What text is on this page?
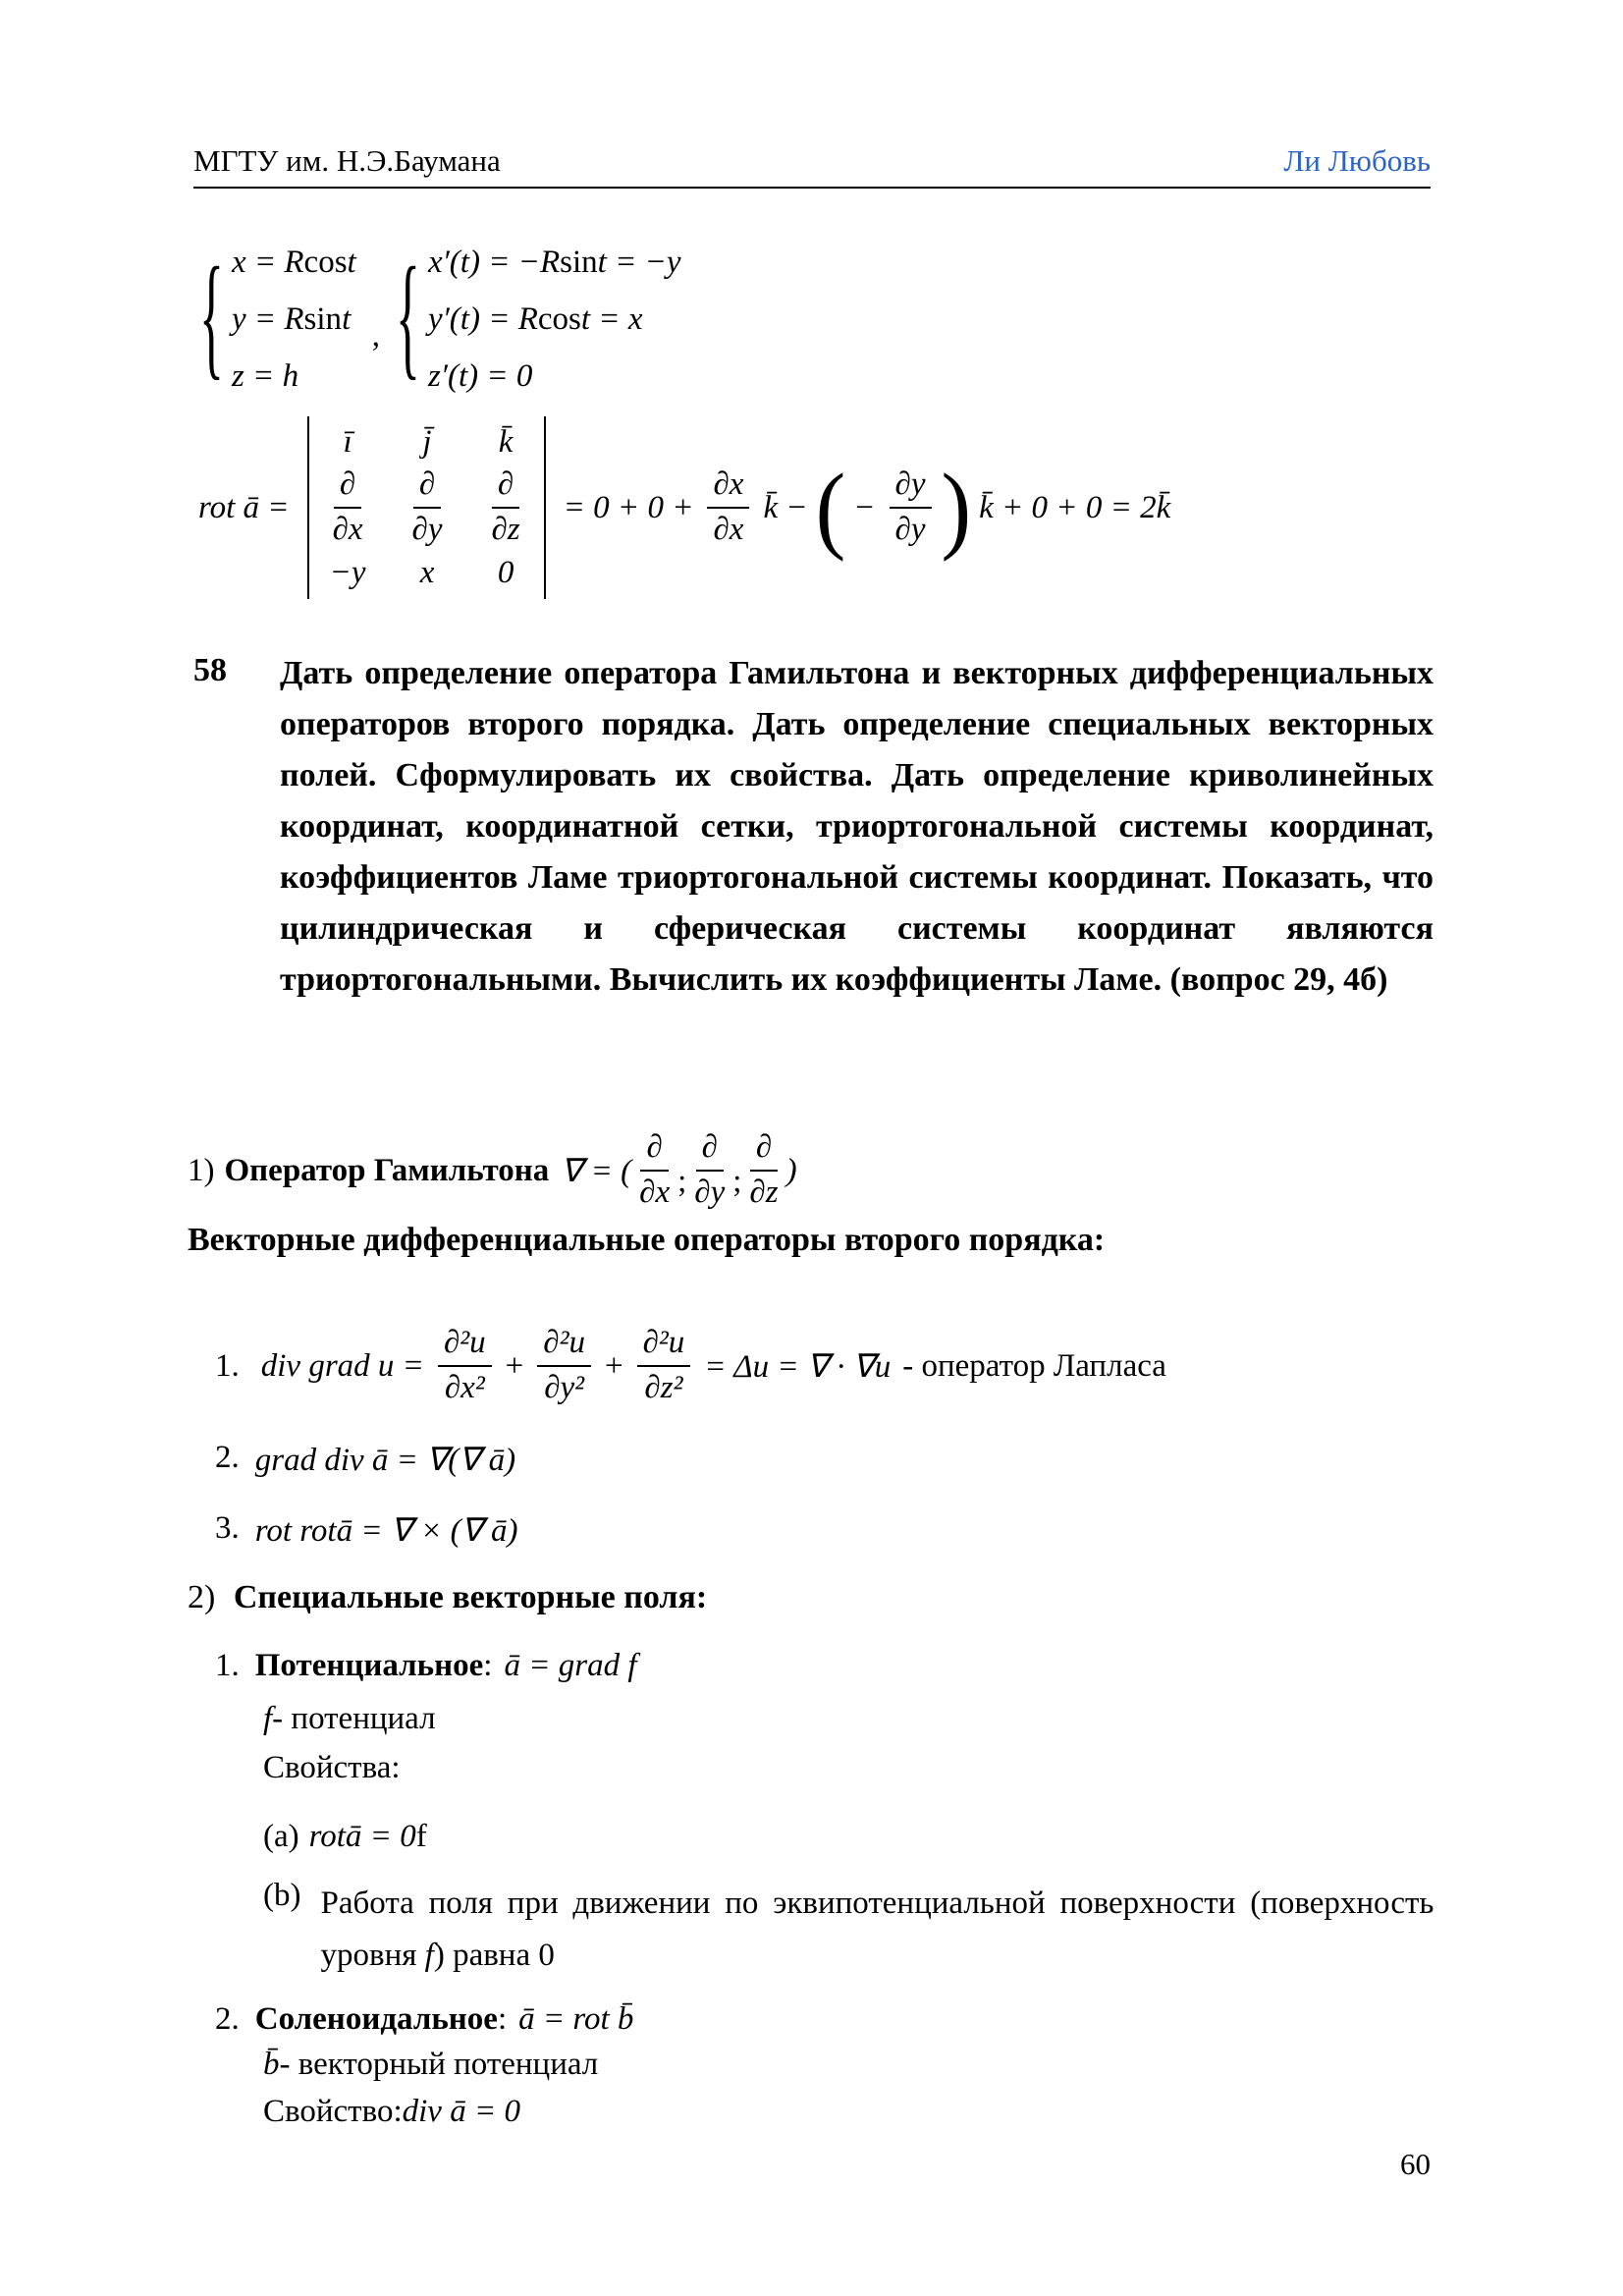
МГТУ им. Н.Э.Баумана	Ли Любовь
{ x = R cos t
y = R sin t
z = h
, { x′(t) = −R sin t = −y
y′(t) = R cos t = x
z′(t) = 0
rot ā =
ī j̄ k̄
$\frac{\partial}{\partial x} \frac{\partial}{\partial y} \frac{\partial}{\partial z}$
−y x 0
= $0 + 0 + \frac{\partial x}{\partial x}$ k̄ − ( − $\frac{\partial y}{\partial y}$ ) k̄ + 0 + 0 = 2k̄
58 Дать определение оператора Гамильтона и векторных дифференциальных операторов второго порядка. Дать определение специальных векторных полей. Сформулировать их свойства. Дать определение криволинейных координат, координатной сетки, триортогональной системы координат, коэффициентов Ламе триортогональной системы координат. Показать, что цилиндрическая и сферическая системы координат являются триортогональными. Вычислить их коэффициенты Ламе. (вопрос 29, 4б)

1) Оператор Гамильтона ∇ = ( $\frac{\partial}{\partial x}$ ; $\frac{\partial}{\partial y}$ ; $\frac{\partial}{\partial z}$ )
Векторные дифференциальные операторы второго порядка:
1. div grad $u = \frac{\text{∂²u}}{\text{∂x²}} + \frac{\text{∂²u}}{\text{∂y²}} + \frac{\text{∂²u}}{\text{∂z²}} = \Delta u$ = ∇ · ∇u - оператор Лапласа
2. grad div ā = ∇(∇ ā)
3. rot rotā = ∇ × (∇ ā)
2) Специальные векторные поля:
1. Потенциальное : ā = grad f
f - потенциал
Свойства:
(a) rotā = 0 f
(b) Работа поля при движении по эквипотенциальной поверхности (поверхность уровня f) равна 0

2. Соленоидальное : ā = rot b̄
b̄ - векторный потенциал
Свойство: div ā = 0
60
